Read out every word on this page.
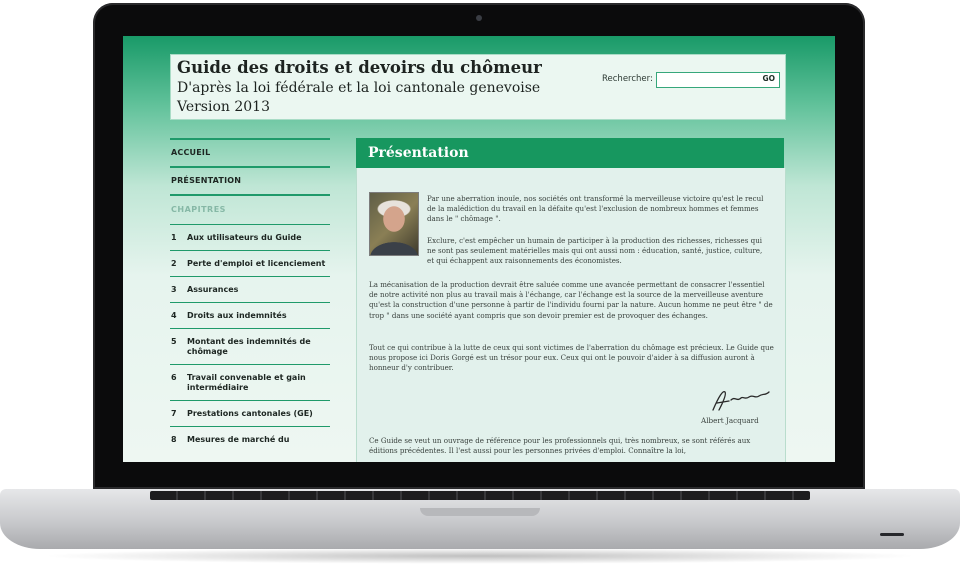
Guide des droits et devoirs du chômeur
D'après la loi fédérale et la loi cantonale genevoise
Version 2013
Rechercher:	GO
ACCUEIL
PRÉSENTATION
CHAPITRES
1	Aux utilisateurs du Guide
2	Perte d'emploi et licenciement
3	Assurances
4	Droits aux indemnités
5	Montant des indemnités de chômage
6	Travail convenable et gain intermédiaire
7	Prestations cantonales (GE)
8	Mesures de marché du
Présentation

Par une aberration inouïe, nos sociétés ont transformé la merveilleuse victoire qu'est le recul de la malédiction du travail en la défaite qu'est l'exclusion de nombreux hommes et femmes dans le " chômage ".

Exclure, c'est empêcher un humain de participer à la production des richesses, richesses qui ne sont pas seulement matérielles mais qui ont aussi nom : éducation, santé, justice, culture, et qui échappent aux raisonnements des économistes.

La mécanisation de la production devrait être saluée comme une avancée permettant de consacrer l'essentiel de notre activité non plus au travail mais à l'échange, car l'échange est la source de la merveilleuse aventure qu'est la construction d'une personne à partir de l'individu fourni par la nature. Aucun homme ne peut être " de trop " dans une société ayant compris que son devoir premier est de provoquer des échanges.

Tout ce qui contribue à la lutte de ceux qui sont victimes de l'aberration du chômage est précieux. Le Guide que nous propose ici Doris Gorgé est un trésor pour eux. Ceux qui ont le pouvoir d'aider à sa diffusion auront à honneur d'y contribuer.

Albert Jacquard

Ce Guide se veut un ouvrage de référence pour les professionnels qui, très nombreux, se sont référés aux éditions précédentes. Il l'est aussi pour les personnes privées d'emploi. Connaître la loi,
